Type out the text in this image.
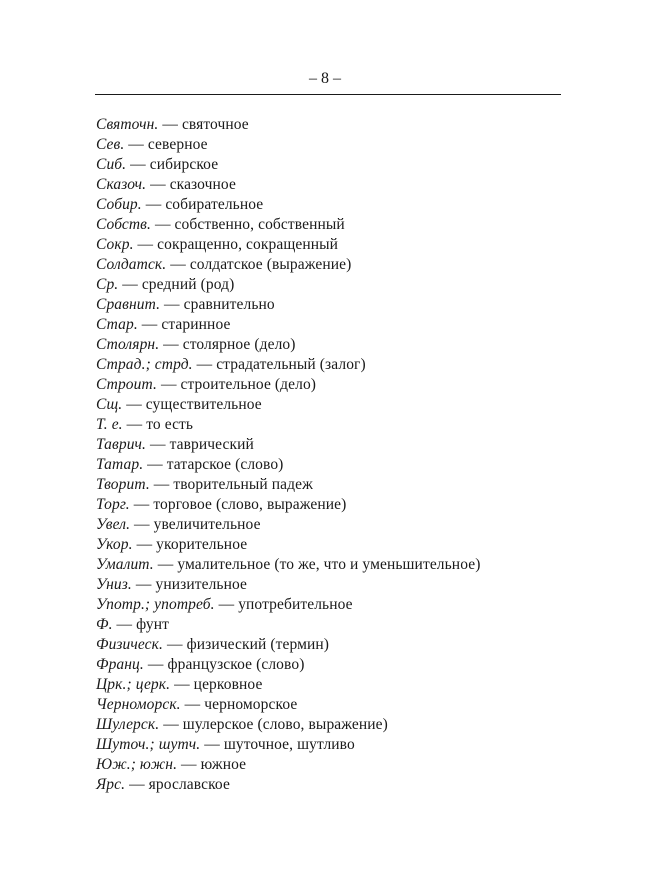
– 8 –
Святочн. — святочное
Сев. — северное
Сиб. — сибирское
Сказоч. — сказочное
Собир. — собирательное
Собств. — собственно, собственный
Сокр. — сокращенно, сокращенный
Солдатск. — солдатское (выражение)
Ср. — средний (род)
Сравнит. — сравнительно
Стар. — старинное
Столярн. — столярное (дело)
Страд.; стрд. — страдательный (залог)
Строит. — строительное (дело)
Сщ. — существительное
Т. е. — то есть
Таврич. — таврический
Татар. — татарское (слово)
Творит. — творительный падеж
Торг. — торговое (слово, выражение)
Увел. — увеличительное
Укор. — укорительное
Умалит. — умалительное (то же, что и уменьшительное)
Униз. — унизительное
Употр.; употреб. — употребительное
Ф. — фунт
Физическ. — физический (термин)
Франц. — французское (слово)
Црк.; церк. — церковное
Черноморск. — черноморское
Шулерск. — шулерское (слово, выражение)
Шуточ.; шутч. — шуточное, шутливо
Юж.; южн. — южное
Ярс. — ярославское
